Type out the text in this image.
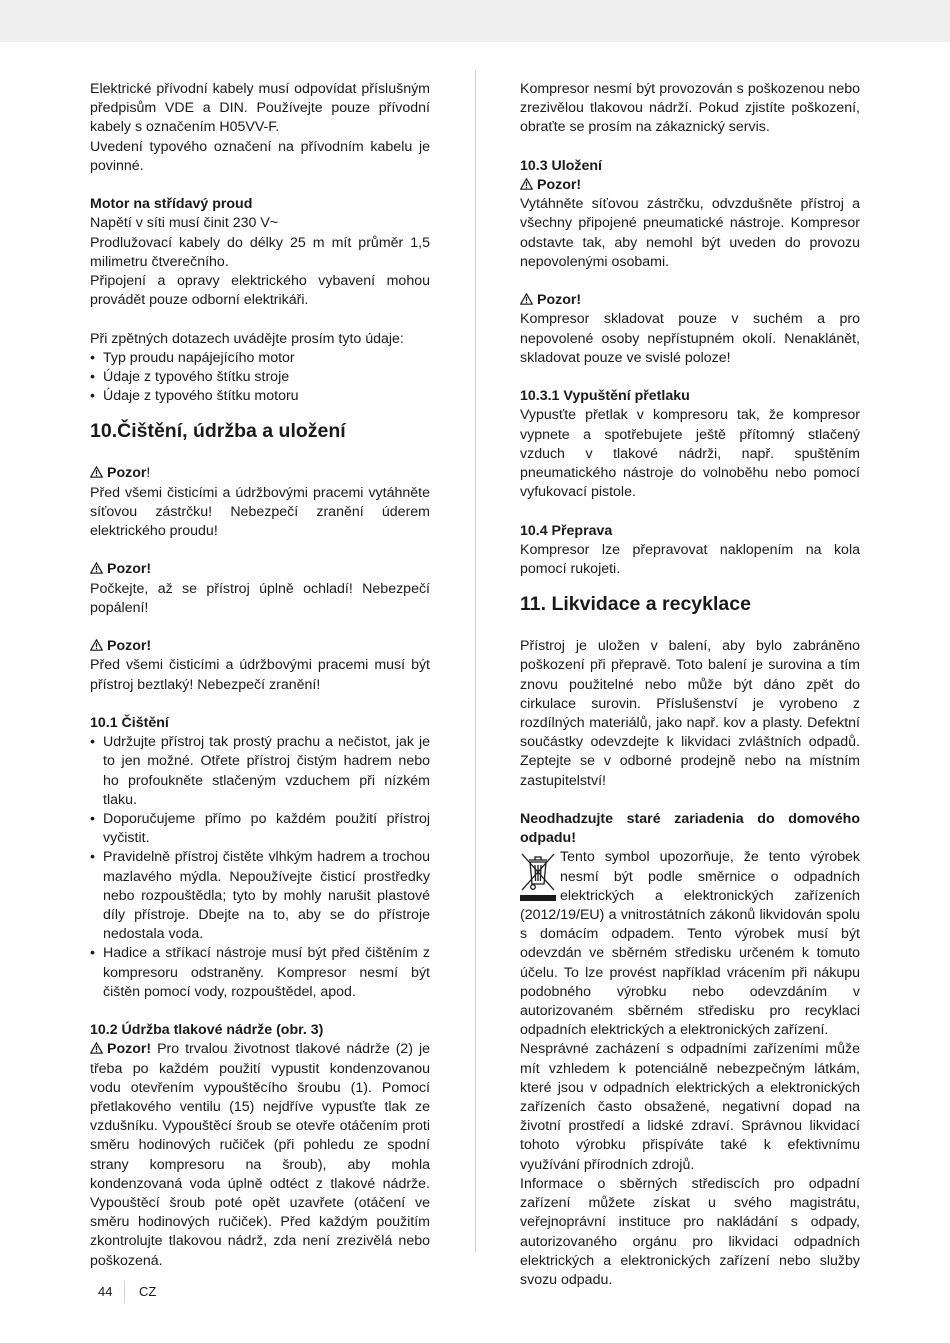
Elektrické přívodní kabely musí odpovídat příslušným předpisům VDE a DIN. Používejte pouze přívodní kabely s označením H05VV-F.

Uvedení typového označení na přívodním kabelu je povinné.

Motor na střídavý proud

Napětí v síti musí činit 230 V~

Prodlužovací kabely do délky 25 m mít průměr 1,5 milimetru čtverečního.

Připojení a opravy elektrického vybavení mohou provádět pouze odborní elektrikáři.

Při zpětných dotazech uvádějte prosím tyto údaje:

• Typ proudu napájejícího motor
• Údaje z typového štítku stroje
• Údaje z typového štítku motoru
10.Čištění, údržba a uložení

Pozor!

Před všemi čisticími a údržbovými pracemi vytáhněte síťovou zástrčku! Nebezpečí zranění úderem elektrického proudu!

Pozor!

Počkejte, až se přístroj úplně ochladí! Nebezpečí popálení!

Pozor!

Před všemi čisticími a údržbovými pracemi musí být přístroj beztlaký! Nebezpečí zranění!

10.1 Čištění

• Udržujte přístroj tak prostý prachu a nečistot, jak je to jen možné. Otřete přístroj čistým hadrem nebo ho profoukněte stlačeným vzduchem při nízkém tlaku.
• Doporučujeme přímo po každém použití přístroj vyčistit.
• Pravidelně přístroj čistěte vlhkým hadrem a trochou mazlavého mýdla. Nepoužívejte čisticí prostředky nebo rozpouštědla; tyto by mohly narušit plastové díly přístroje. Dbejte na to, aby se do přístroje nedostala voda.
• Hadice a stříkací nástroje musí být před čištěním z kompresoru odstraněny. Kompresor nesmí být čištěn pomocí vody, rozpouštědel, apod.

10.2 Údržba tlakové nádrže (obr. 3)

Pozor! Pro trvalou životnost tlakové nádrže (2) je třeba po každém použití vypustit kondenzovanou vodu otevřením vypouštěcího šroubu (1). Pomocí přetlakového ventilu (15) nejdříve vypusťte tlak ze vzdušníku. Vypouštěcí šroub se otevře otáčením proti směru hodinových ručiček (při pohledu ze spodní strany kompresoru na šroub), aby mohla kondenzovaná voda úplně odtéct z tlakové nádrže. Vypouštěcí šroub poté opět uzavřete (otáčení ve směru hodinových ručiček). Před každým použitím zkontrolujte tlakovou nádrž, zda není zrezivělá nebo poškozená.

Kompresor nesmí být provozován s poškozenou nebo zrezivělou tlakovou nádrží. Pokud zjistíte poškození, obraťte se prosím na zákaznický servis.

10.3 Uložení

Pozor!

Vytáhněte síťovou zástrčku, odvzdušněte přístroj a všechny připojené pneumatické nástroje. Kompresor odstavte tak, aby nemohl být uveden do provozu nepovolenými osobami.

Pozor!

Kompresor skladovat pouze v suchém a pro nepovolené osoby nepřístupném okolí. Nenaklánět, skladovat pouze ve svislé poloze!

10.3.1 Vypuštění přetlaku

Vypusťte přetlak v kompresoru tak, že kompresor vypnete a spotřebujete ještě přítomný stlačený vzduch v tlakové nádrži, např. spuštěním pneumatického nástroje do volnoběhu nebo pomocí vyfukovací pistole.

10.4 Přeprava

Kompresor lze přepravovat naklopením na kola pomocí rukojeti.

11. Likvidace a recyklace

Přístroj je uložen v balení, aby bylo zabráněno poškození při přepravě. Toto balení je surovina a tím znovu použitelné nebo může být dáno zpět do cirkulace surovin. Příslušenství je vyrobeno z rozdílných materiálů, jako např. kov a plasty. Defektní součástky odevzdejte k likvidaci zvláštních odpadů. Zeptejte se v odborné prodejně nebo na místním zastupitelství!

Neodhadzujte staré zariadenia do domového odpadu!

Tento symbol upozorňuje, že tento výrobek nesmí být podle směrnice o odpadních elektrických a elektronických zařízeních (2012/19/EU) a vnitrostátních zákonů likvidován spolu s domácím odpadem. Tento výrobek musí být odevzdán ve sběrném středisku určeném k tomuto účelu. To lze provést například vrácením při nákupu podobného výrobku nebo odevzdáním v autorizovaném sběrném středisku pro recyklaci odpadních elektrických a elektronických zařízení.

Nesprávné zacházení s odpadními zařízeními může mít vzhledem k potenciálně nebezpečným látkám, které jsou v odpadních elektrických a elektronických zařízeních často obsažené, negativní dopad na životní prostředí a lidské zdraví. Správnou likvidací tohoto výrobku přispíváte také k efektivnímu využívání přírodních zdrojů.

Informace o sběrných střediscích pro odpadní zařízení můžete získat u svého magistrátu, veřejnoprávní instituce pro nakládání s odpady, autorizovaného orgánu pro likvidaci odpadních elektrických a elektronických zařízení nebo služby svozu odpadu.

44 CZ
